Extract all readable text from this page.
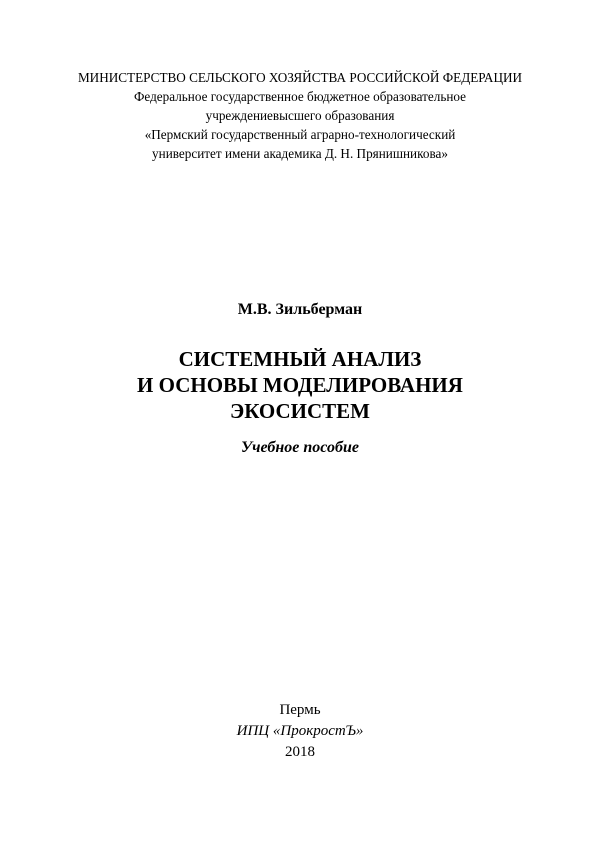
МИНИСТЕРСТВО СЕЛЬСКОГО ХОЗЯЙСТВА РОССИЙСКОЙ ФЕДЕРАЦИИ
Федеральное государственное бюджетное образовательное
учреждениевысшего образования
«Пермский государственный аграрно-технологический
университет имени академика Д. Н. Прянишникова»
М.В. Зильберман
СИСТЕМНЫЙ АНАЛИЗ
И ОСНОВЫ МОДЕЛИРОВАНИЯ
ЭКОСИСТЕМ
Учебное пособие
Пермь
ИПЦ «ПрокростЪ»
2018
